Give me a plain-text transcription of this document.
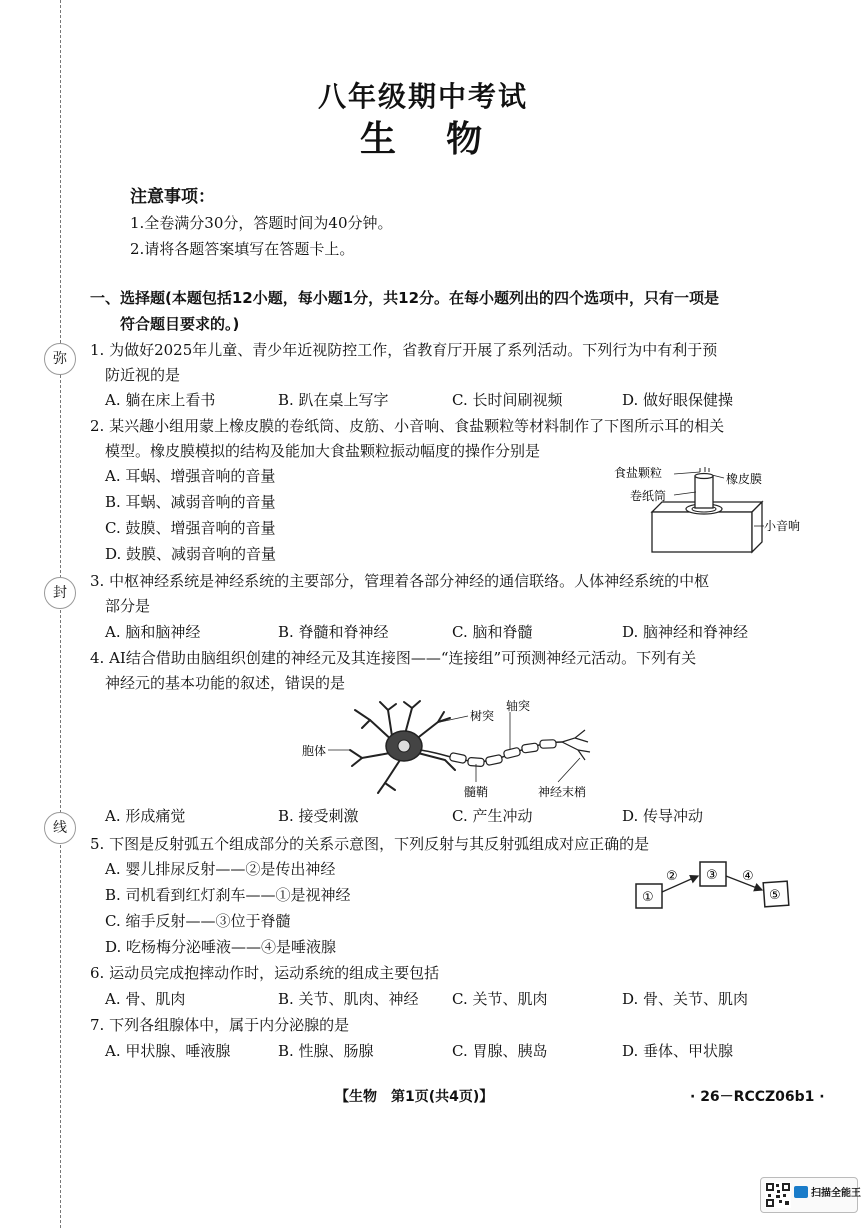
弥
封
线
八年级期中考试
生    物
注意事项：
1.全卷满分30分，答题时间为40分钟。
2.请将各题答案填写在答题卡上。
一、选择题(本题包括12小题，每小题1分，共12分。在每小题列出的四个选项中，只有一项是
符合题目要求的。)
1. 为做好2025年儿童、青少年近视防控工作，省教育厅开展了系列活动。下列行为中有利于预
防近视的是
A. 躺在床上看书	B. 趴在桌上写字	C. 长时间刷视频	D. 做好眼保健操
2. 某兴趣小组用蒙上橡皮膜的卷纸筒、皮筋、小音响、食盐颗粒等材料制作了下图所示耳的相关
模型。橡皮膜模拟的结构及能加大食盐颗粒振动幅度的操作分别是
A. 耳蜗、增强音响的音量
B. 耳蜗、减弱音响的音量
C. 鼓膜、增强音响的音量
D. 鼓膜、减弱音响的音量
食盐颗粒	橡皮膜
卷纸筒
小音响
3. 中枢神经系统是神经系统的主要部分，管理着各部分神经的通信联络。人体神经系统的中枢
部分是
A. 脑和脑神经	B. 脊髓和脊神经	C. 脑和脊髓	D. 脑神经和脊神经
4. AI结合借助由脑组织创建的神经元及其连接图——“连接组”可预测神经元活动。下列有关
神经元的基本功能的叙述，错误的是
树突
轴突
胞体
髓鞘	神经末梢
A. 形成痛觉	B. 接受刺激	C. 产生冲动	D. 传导冲动
5. 下图是反射弧五个组成部分的关系示意图，下列反射与其反射弧组成对应正确的是
A. 婴儿排尿反射——②是传出神经
B. 司机看到红灯刹车——①是视神经
C. 缩手反射——③位于脊髓
D. 吃杨梅分泌唾液——④是唾液腺
①
② ③ ④
⑤
6. 运动员完成抱摔动作时，运动系统的组成主要包括
A. 骨、肌肉	B. 关节、肌肉、神经 C. 关节、肌肉	D. 骨、关节、肌肉
7. 下列各组腺体中，属于内分泌腺的是
A. 甲状腺、唾液腺	B. 性腺、肠腺	C. 胃腺、胰岛	D. 垂体、甲状腺
【生物　第1页(共4页)】	· 26－RCCZ06b1 ·
扫描全能王
